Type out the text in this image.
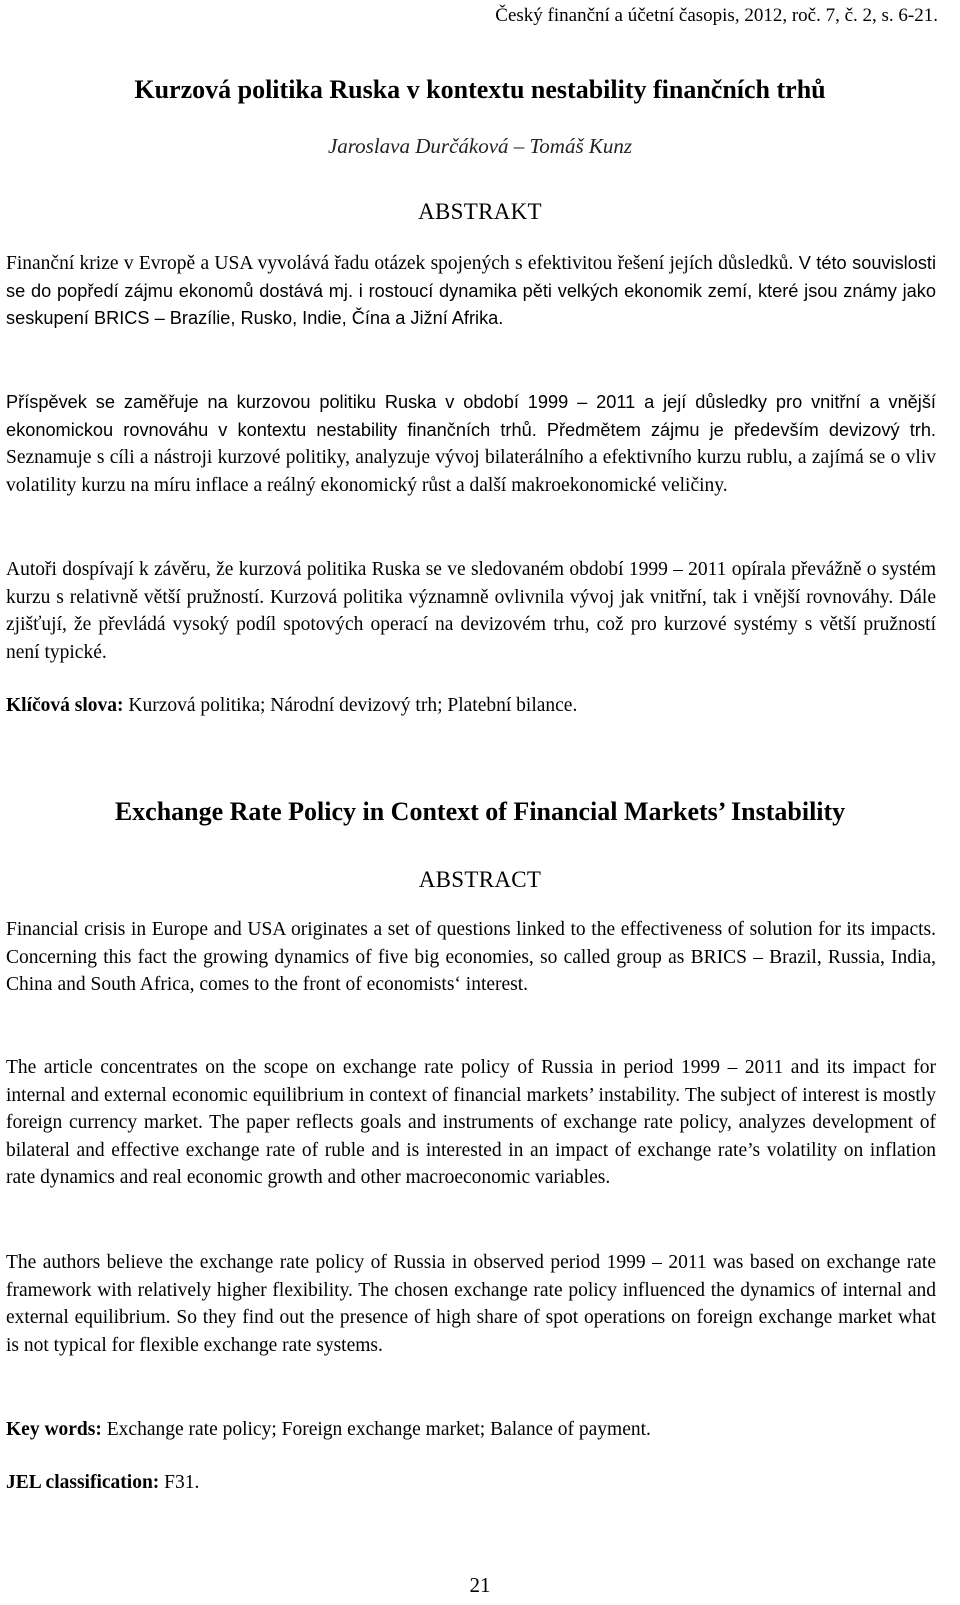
Český finanční a účetní časopis, 2012, roč. 7, č. 2, s. 6-21.
Kurzová politika Ruska v kontextu nestability finančních trhů
Jaroslava Durčáková – Tomáš Kunz
ABSTRAKT

Finanční krize v Evropě a USA vyvolává řadu otázek spojených s efektivitou řešení jejích důsledků. V této souvislosti se do popředí zájmu ekonomů dostává mj. i rostoucí dynamika pěti velkých ekonomik zemí, které jsou známy jako seskupení BRICS – Brazílie, Rusko, Indie, Čína a Jižní Afrika.

Příspěvek se zaměřuje na kurzovou politiku Ruska v období 1999 – 2011 a její důsledky pro vnitřní a vnější ekonomickou rovnováhu v kontextu nestability finančních trhů. Předmětem zájmu je především devizový trh. Seznamuje s cíli a nástroji kurzové politiky, analyzuje vývoj bilaterálního a efektivního kurzu rublu, a zajímá se o vliv volatility kurzu na míru inflace a reálný ekonomický růst a další makroekonomické veličiny.

Autoři dospívají k závěru, že kurzová politika Ruska se ve sledovaném období 1999 – 2011 opírala převážně o systém kurzu s relativně větší pružností. Kurzová politika významně ovlivnila vývoj jak vnitřní, tak i vnější rovnováhy. Dále zjišťují, že převládá vysoký podíl spotových operací na devizovém trhu, což pro kurzové systémy s větší pružností není typické.

Klíčová slova: Kurzová politika; Národní devizový trh; Platební bilance.
Exchange Rate Policy in Context of Financial Markets’ Instability
ABSTRACT

Financial crisis in Europe and USA originates a set of questions linked to the effectiveness of solution for its impacts. Concerning this fact the growing dynamics of five big economies, so called group as BRICS – Brazil, Russia, India, China and South Africa, comes to the front of economists‘ interest.

The article concentrates on the scope on exchange rate policy of Russia in period 1999 – 2011 and its impact for internal and external economic equilibrium in context of financial markets’ instability. The subject of interest is mostly foreign currency market. The paper reflects goals and instruments of exchange rate policy, analyzes development of bilateral and effective exchange rate of ruble and is interested in an impact of exchange rate’s volatility on inflation rate dynamics and real economic growth and other macroeconomic variables.

The authors believe the exchange rate policy of Russia in observed period 1999 – 2011 was based on exchange rate framework with relatively higher flexibility. The chosen exchange rate policy influenced the dynamics of internal and external equilibrium. So they find out the presence of high share of spot operations on foreign exchange market what is not typical for flexible exchange rate systems.

Key words: Exchange rate policy; Foreign exchange market; Balance of payment.
JEL classification: F31.
21
